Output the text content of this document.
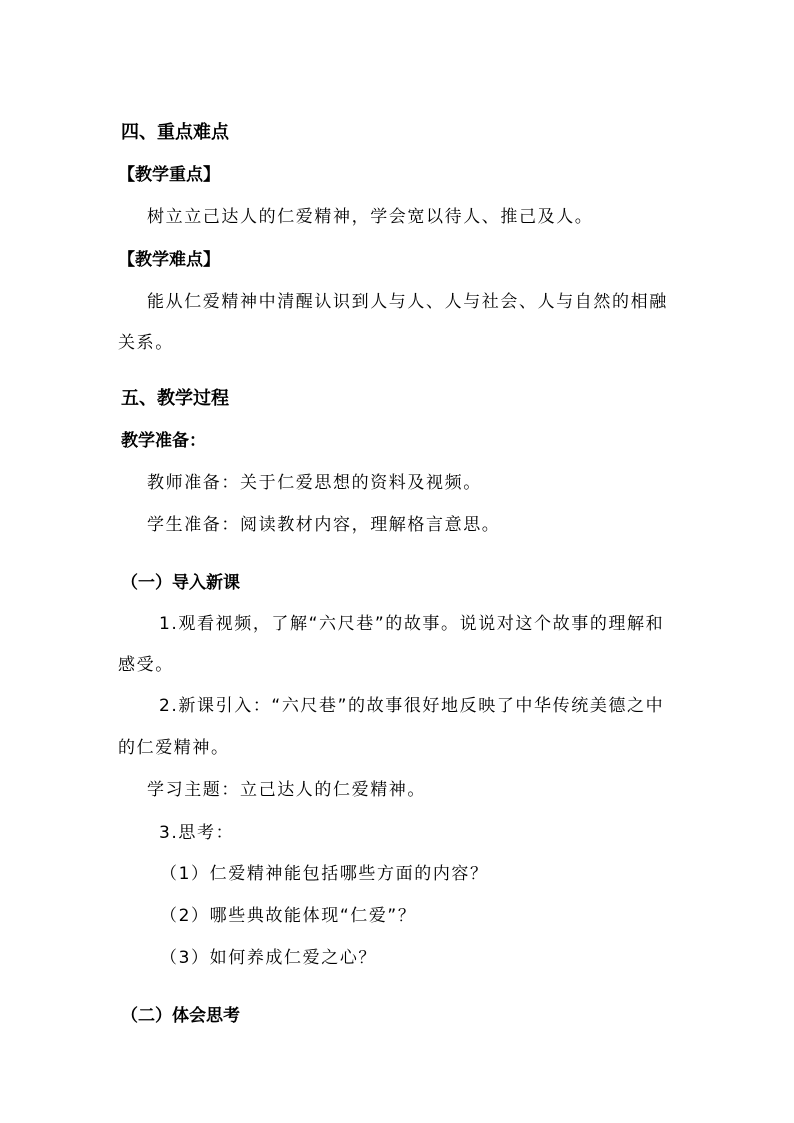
四、重点难点
【教学重点】
树立立己达人的仁爱精神，学会宽以待人、推己及人。
【教学难点】
能从仁爱精神中清醒认识到人与人、人与社会、人与自然的相融
关系。
五、教学过程
教学准备：
教师准备：关于仁爱思想的资料及视频。
学生准备：阅读教材内容，理解格言意思。
（一）导入新课
1.观看视频，了解“六尺巷”的故事。说说对这个故事的理解和
感受。
2.新课引入：“六尺巷”的故事很好地反映了中华传统美德之中
的仁爱精神。
学习主题：立己达人的仁爱精神。
3.思考：
（1）仁爱精神能包括哪些方面的内容？
（2）哪些典故能体现“仁爱”？
（3）如何养成仁爱之心？
（二）体会思考
